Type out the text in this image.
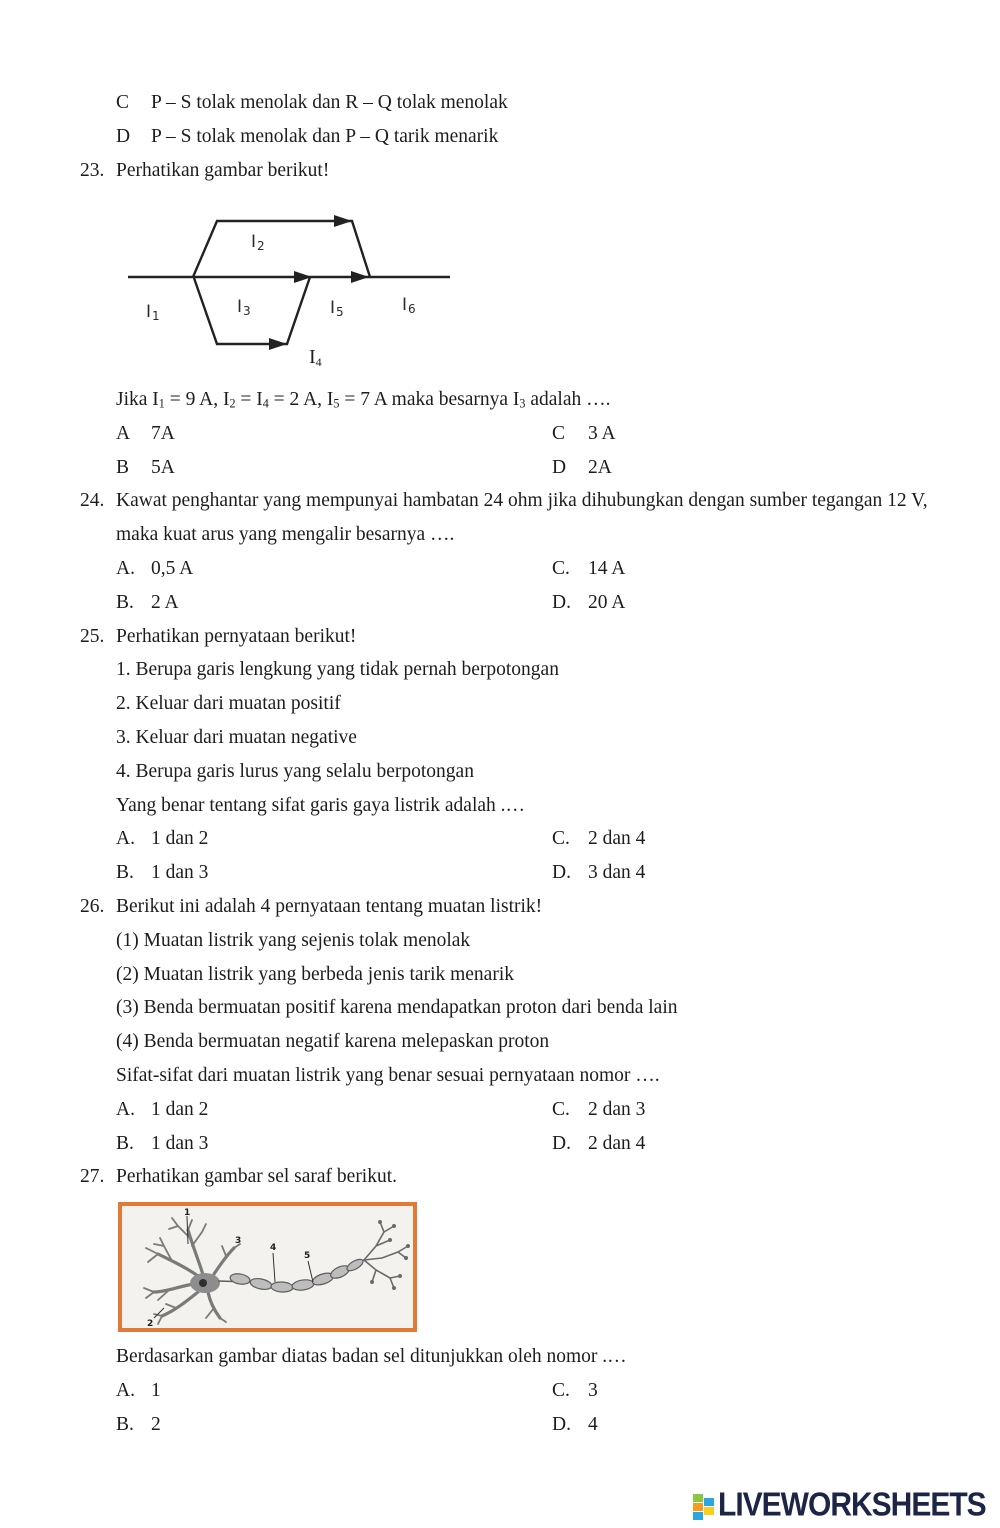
C P – S tolak menolak dan R – Q tolak menolak
D P – S tolak menolak dan P – Q tarik menarik
23. Perhatikan gambar berikut!
I2
I1	I3	I5	I6
I4
Jika $I_1 = 9$ A, $I_2 = I_4 = 2$ A, $I_5 = 7$ A maka besarnya $I_3$ adalah ….
A 7A	C 3 A
B 5A	D 2A
24. Kawat penghantar yang mempunyai hambatan 24 ohm jika dihubungkan dengan sumber tegangan 12 V,
maka kuat arus yang mengalir besarnya ….
A. 0,5 A	C. 14 A
B. 2 A	D. 20 A
25. Perhatikan pernyataan berikut!
1. Berupa garis lengkung yang tidak pernah berpotongan
2. Keluar dari muatan positif
3. Keluar dari muatan negative
4. Berupa garis lurus yang selalu berpotongan
Yang benar tentang sifat garis gaya listrik adalah .…
A. 1 dan 2	C. 2 dan 4
B. 1 dan 3	D. 3 dan 4
26. Berikut ini adalah 4 pernyataan tentang muatan listrik!
(1) Muatan listrik yang sejenis tolak menolak
(2) Muatan listrik yang berbeda jenis tarik menarik
(3) Benda bermuatan positif karena mendapatkan proton dari benda lain
(4) Benda bermuatan negatif karena melepaskan proton
Sifat-sifat dari muatan listrik yang benar sesuai pernyataan nomor ….
A. 1 dan 2	C. 2 dan 3
B. 1 dan 3	D. 2 dan 4
27. Perhatikan gambar sel saraf berikut.
1
2
3
4
5
Berdasarkan gambar diatas badan sel ditunjukkan oleh nomor .…
A. 1	C. 3
B. 2	D. 4
LIVEWORKSHEETS
